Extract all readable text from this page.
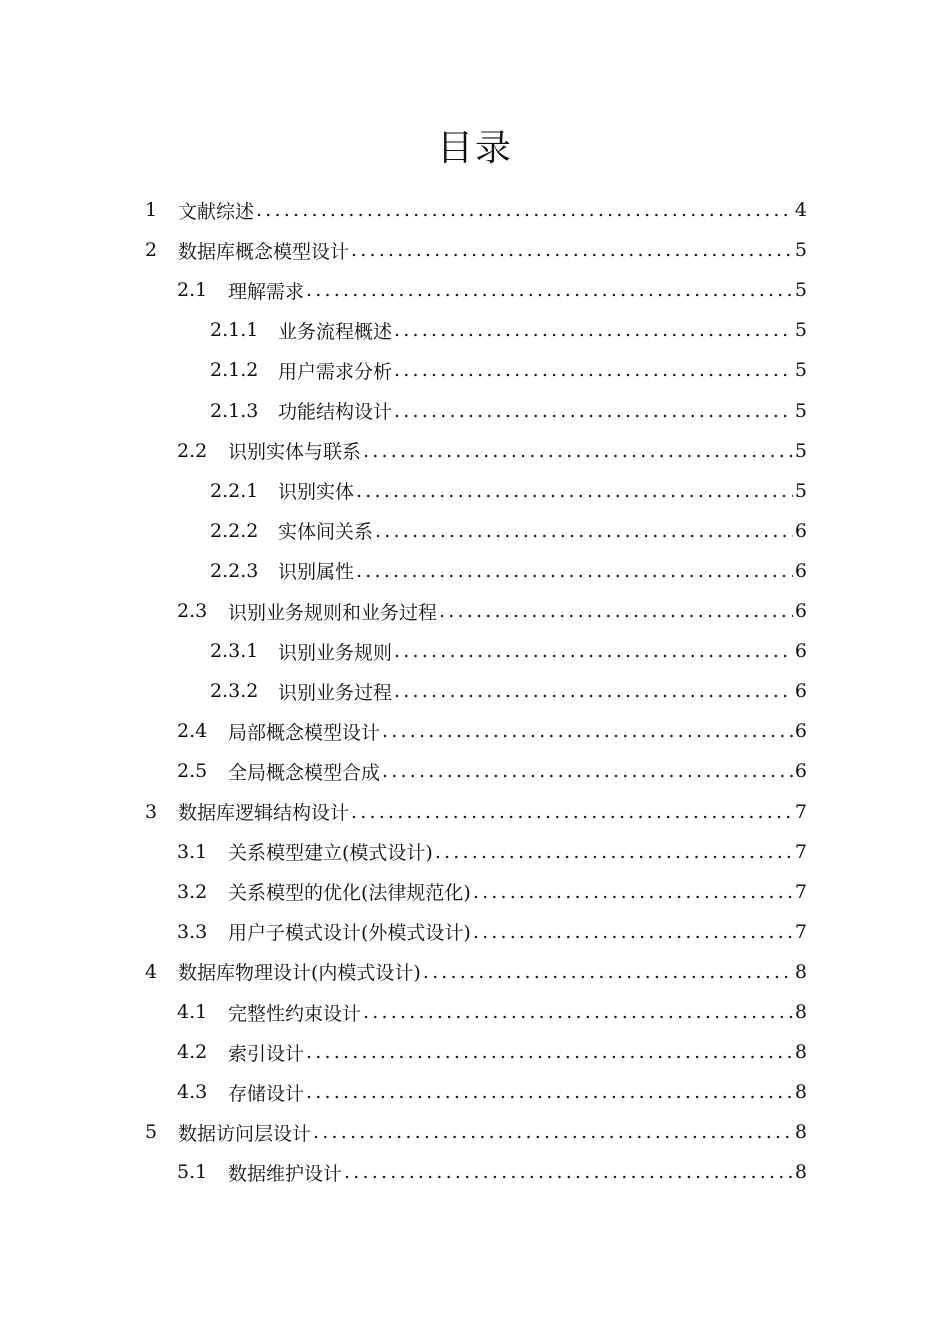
目录
1	文献综述 .....	4
2	数据库概念模型设计 .....	5
2.1	理解需求 .....	5
2.1.1	业务流程概述 .....	5
2.1.2	用户需求分析 .....	5
2.1.3	功能结构设计 .....	5
2.2	识别实体与联系 .....	5
2.2.1	识别实体 .....	5
2.2.2	实体间关系 .....	6
2.2.3	识别属性 .....	6
2.3	识别业务规则和业务过程 .....	6
2.3.1	识别业务规则 .....	6
2.3.2	识别业务过程 .....	6
2.4	局部概念模型设计 .....	6
2.5	全局概念模型合成 .....	6
3	数据库逻辑结构设计 .....	7
3.1	关系模型建立(模式设计) .....	7
3.2	关系模型的优化(法律规范化) .....	7
3.3	用户子模式设计(外模式设计) .....	7
4	数据库物理设计(内模式设计) .....	8
4.1	完整性约束设计 .....	8
4.2	索引设计 .....	8
4.3	存储设计 .....	8
5	数据访问层设计 .....	8
5.1	数据维护设计 .....	8
